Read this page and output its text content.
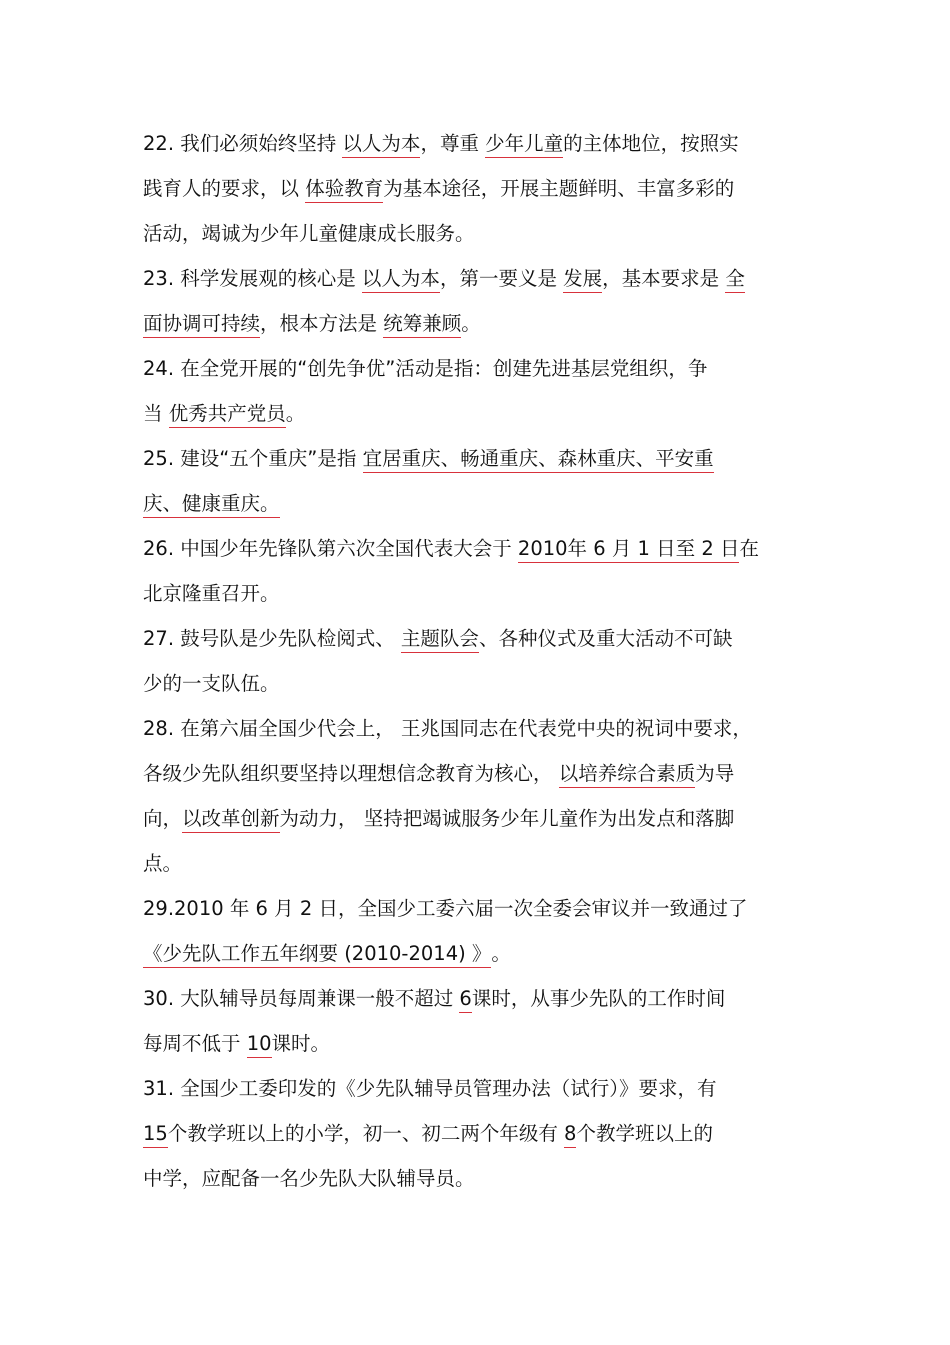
22. 我们必须始终坚持 以人为本，尊重 少年儿童的主体地位，按照实
践育人的要求，以 体验教育为基本途径，开展主题鲜明、丰富多彩的
活动，竭诚为少年儿童健康成长服务。
23. 科学发展观的核心是 以人为本，第一要义是 发展，基本要求是 全
面协调可持续，根本方法是 统筹兼顾。
24. 在全党开展的“创先争优”活动是指：创建先进基层党组织，争
当 优秀共产党员。
25. 建设“五个重庆”是指 宜居重庆、畅通重庆、森林重庆、平安重
庆、健康重庆。
26. 中国少年先锋队第六次全国代表大会于 2010年 6 月 1 日至 2 日在
北京隆重召开。
27. 鼓号队是少先队检阅式、 主题队会、各种仪式及重大活动不可缺
少的一支队伍。
28. 在第六届全国少代会上， 王兆国同志在代表党中央的祝词中要求，
各级少先队组织要坚持以理想信念教育为核心， 以培养综合素质为导
向，以改革创新为动力， 坚持把竭诚服务少年儿童作为出发点和落脚
点。
29.2010 年 6 月 2 日，全国少工委六届一次全委会审议并一致通过了
《少先队工作五年纲要 (2010-2014) 》。
30. 大队辅导员每周兼课一般不超过 6课时，从事少先队的工作时间
每周不低于 10课时。
31. 全国少工委印发的《少先队辅导员管理办法（试行）》要求，有
15个教学班以上的小学，初一、初二两个年级有 8个教学班以上的
中学，应配备一名少先队大队辅导员。
